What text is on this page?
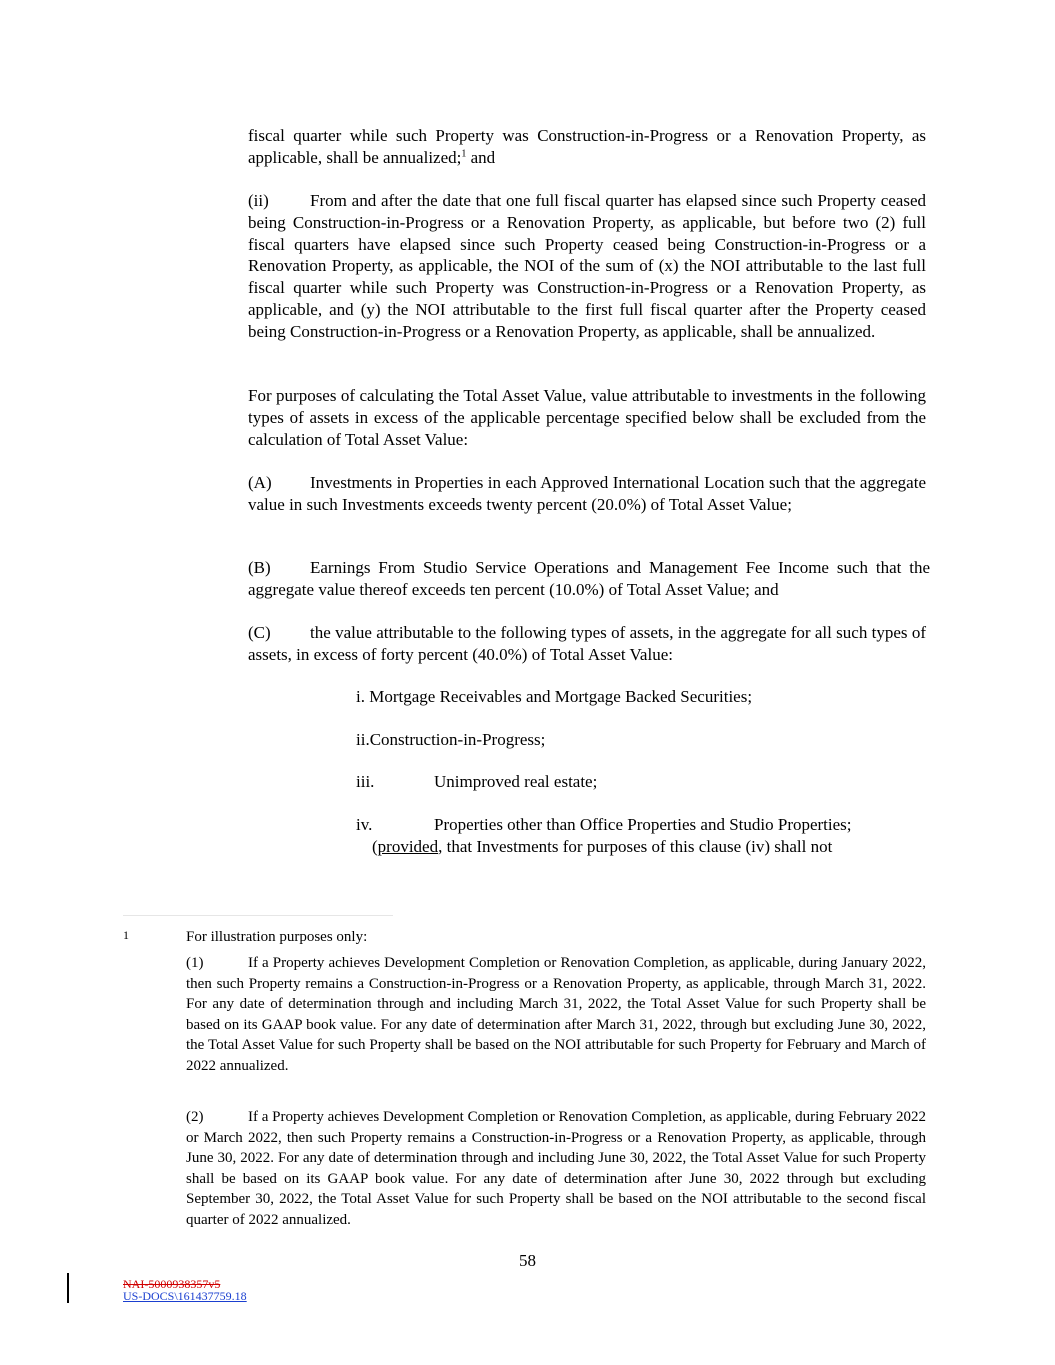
fiscal quarter while such Property was Construction-in-Progress or a Renovation Property, as applicable, shall be annualized;$^1$ and
(ii) From and after the date that one full fiscal quarter has elapsed since such Property ceased being Construction-in-Progress or a Renovation Property, as applicable, but before two (2) full fiscal quarters have elapsed since such Property ceased being Construction-in-Progress or a Renovation Property, as applicable, the NOI of the sum of (x) the NOI attributable to the last full fiscal quarter while such Property was Construction-in-Progress or a Renovation Property, as applicable, and (y) the NOI attributable to the first full fiscal quarter after the Property ceased being Construction-in-Progress or a Renovation Property, as applicable, shall be annualized.
For purposes of calculating the Total Asset Value, value attributable to investments in the following types of assets in excess of the applicable percentage specified below shall be excluded from the calculation of Total Asset Value:
(A) Investments in Properties in each Approved International Location such that the aggregate value in such Investments exceeds twenty percent (20.0%) of Total Asset Value;
(B) Earnings From Studio Service Operations and Management Fee Income such that the aggregate value thereof exceeds ten percent (10.0%) of Total Asset Value; and
(C) the value attributable to the following types of assets, in the aggregate for all such types of assets, in excess of forty percent (40.0%) of Total Asset Value:
i. Mortgage Receivables and Mortgage Backed Securities;
ii.Construction-in-Progress;
iii.	Unimproved real estate;
iv.	Properties other than Office Properties and Studio Properties;
(provided, that Investments for purposes of this clause (iv) shall not
1	For illustration purposes only:
(1)	If a Property achieves Development Completion or Renovation Completion, as applicable, during January 2022, then such Property remains a Construction-in-Progress or a Renovation Property, as applicable, through March 31, 2022. For any date of determination through and including March 31, 2022, the Total Asset Value for such Property shall be based on its GAAP book value. For any date of determination after March 31, 2022, through but excluding June 30, 2022, the Total Asset Value for such Property shall be based on the NOI attributable for such Property for February and March of 2022 annualized.
(2)	If a Property achieves Development Completion or Renovation Completion, as applicable, during February 2022 or March 2022, then such Property remains a Construction-in-Progress or a Renovation Property, as applicable, through June 30, 2022. For any date of determination through and including June 30, 2022, the Total Asset Value for such Property shall be based on its GAAP book value. For any date of determination after June 30, 2022 through but excluding September 30, 2022, the Total Asset Value for such Property shall be based on the NOI attributable to the second fiscal quarter of 2022 annualized.
58
NAI-5000938357v5
US-DOCS\161437759.18
